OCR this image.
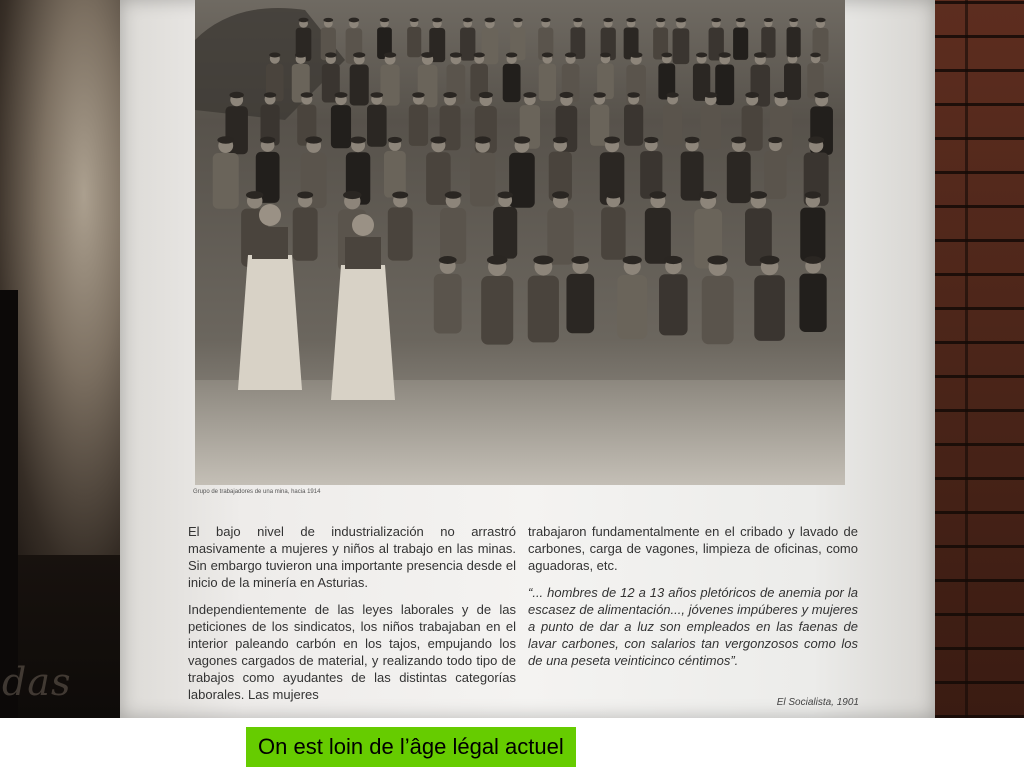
das
Grupo de trabajadores de una mina, hacia 1914

El bajo nivel de industrialización no arrastró masivamente a mujeres y niños al trabajo en las minas. Sin embargo tuvieron una importante presencia desde el inicio de la minería en Asturias.

Independientemente de las leyes laborales y de las peticiones de los sindicatos, los niños trabajaban en el interior paleando carbón en los tajos, empujando los vagones cargados de material, y realizando todo tipo de trabajos como ayudantes de las distintas categorías laborales. Las mujeres

trabajaron fundamentalmente en el cribado y lavado de carbones, carga de vagones, limpieza de oficinas, como aguadoras, etc.

“... hombres de 12 a 13 años pletóricos de anemia por la escasez de alimentación..., jóvenes impúberes y mujeres a punto de dar a luz son empleados en las faenas de lavar carbones, con salarios tan vergonzosos como los de una peseta veinticinco céntimos”.

El Socialista, 1901
On est loin de l’âge légal actuel
